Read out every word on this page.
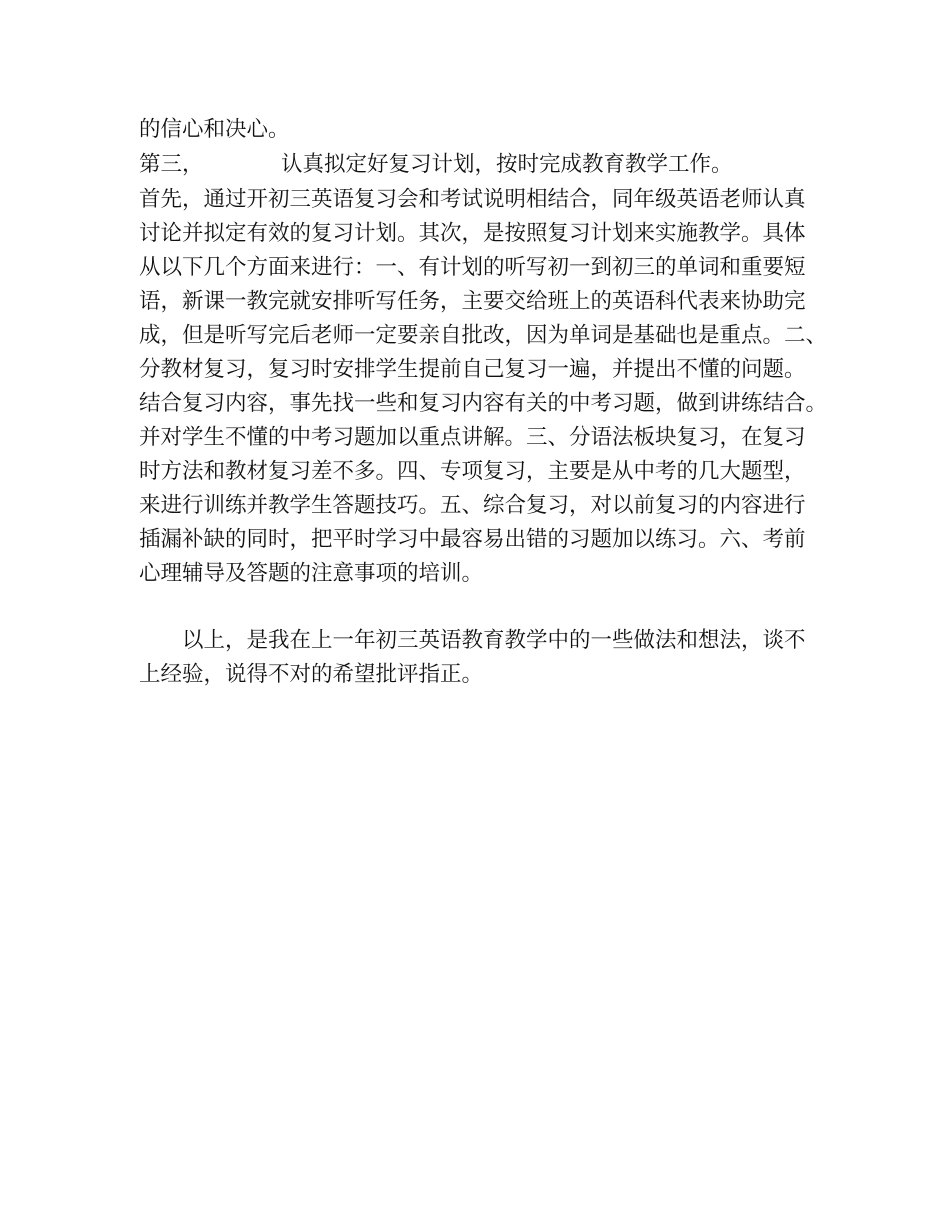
的信心和决心。
第三，	认真拟定好复习计划，按时完成教育教学工作。
首先，通过开初三英语复习会和考试说明相结合，同年级英语老师认真
讨论并拟定有效的复习计划。其次，是按照复习计划来实施教学。具体
从以下几个方面来进行：一、有计划的听写初一到初三的单词和重要短
语，新课一教完就安排听写任务，主要交给班上的英语科代表来协助完
成，但是听写完后老师一定要亲自批改，因为单词是基础也是重点。二、
分教材复习，复习时安排学生提前自己复习一遍，并提出不懂的问题。
结合复习内容，事先找一些和复习内容有关的中考习题，做到讲练结合。
并对学生不懂的中考习题加以重点讲解。三、分语法板块复习，在复习
时方法和教材复习差不多。四、专项复习，主要是从中考的几大题型，
来进行训练并教学生答题技巧。五、综合复习，对以前复习的内容进行
插漏补缺的同时，把平时学习中最容易出错的习题加以练习。六、考前
心理辅导及答题的注意事项的培训。
以上，是我在上一年初三英语教育教学中的一些做法和想法，谈不
上经验，说得不对的希望批评指正。
